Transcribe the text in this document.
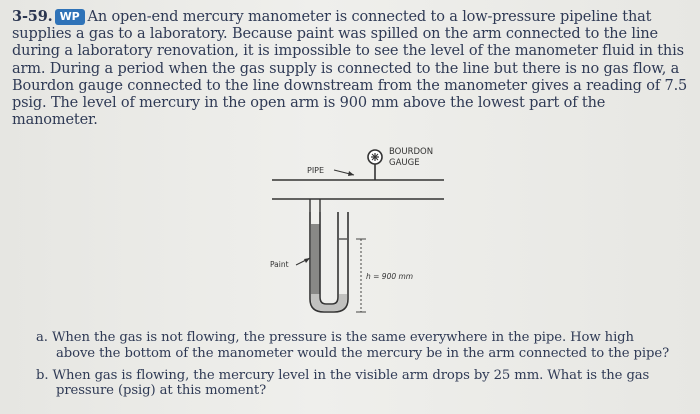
3-59. WP An open-end mercury manometer is connected to a low-pressure pipeline that supplies a gas to a laboratory. Because paint was spilled on the arm connected to the line during a laboratory renovation, it is impossible to see the level of the manometer fluid in this arm. During a period when the gas supply is connected to the line but there is no gas flow, a Bourdon gauge connected to the line downstream from the manometer gives a reading of 7.5 psig. The level of mercury in the open arm is 900 mm above the lowest part of the manometer.
PIPE
BOURDON
GAUGE
Paint
h = 900 mm
a. When the gas is not flowing, the pressure is the same everywhere in the pipe. How high above the bottom of the manometer would the mercury be in the arm connected to the pipe?
b. When gas is flowing, the mercury level in the visible arm drops by 25 mm. What is the gas pressure (psig) at this moment?
